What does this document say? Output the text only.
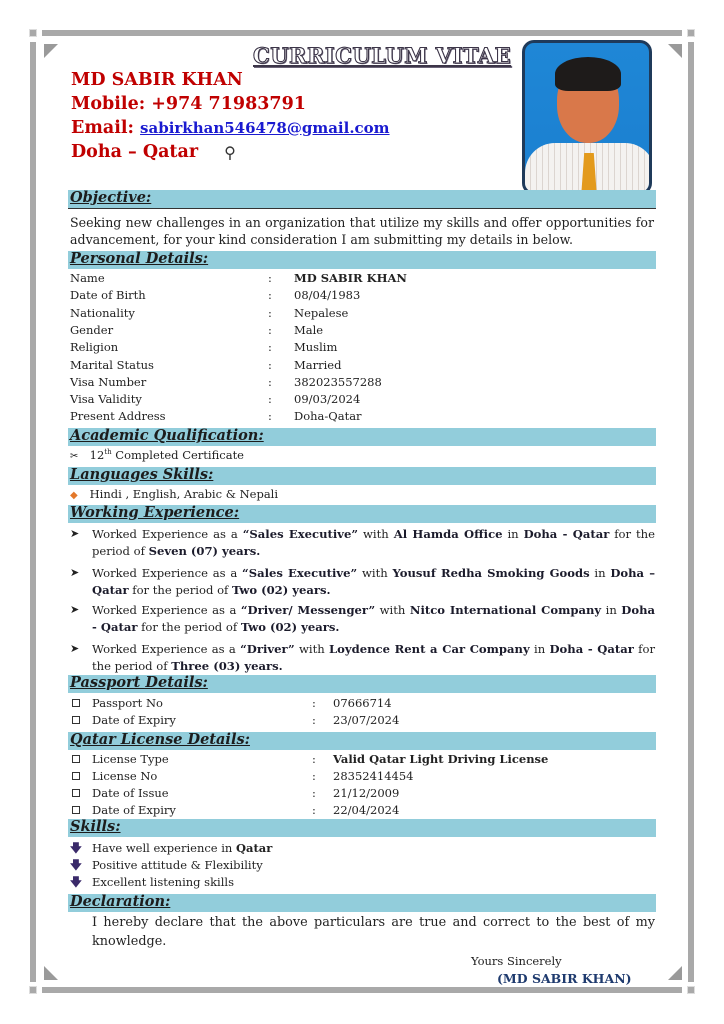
CURRICULUM VITAE
MD SABIR KHAN
Mobile: +974 71983791
Email: sabirkhan546478@gmail.com
Doha – Qatar ⚲
Objective:
Seeking new challenges in an organization that utilize my skills and offer opportunities for advancement, for your kind consideration I am submitting my details in below.
Personal Details:
Name	: MD SABIR KHAN
Date of Birth	: 08/04/1983
Nationality	: Nepalese
Gender	: Male
Religion	: Muslim
Marital Status	: Married
Visa Number	: 382023557288
Visa Validity	: 09/03/2024
Present Address	: Doha-Qatar
Academic Qualification:
✂ 12th Completed Certificate
Languages Skills:
◆ Hindi , English, Arabic & Nepali
Working Experience:
➤ Worked Experience as a “Sales Executive” with Al Hamda Office in Doha - Qatar for the period of Seven (07) years.
➤ Worked Experience as a “Sales Executive” with Yousuf Redha Smoking Goods in Doha – Qatar for the period of Two (02) years.
➤ Worked Experience as a “Driver/ Messenger” with Nitco International Company in Doha - Qatar for the period of Two (02) years.
➤ Worked Experience as a “Driver” with Loydence Rent a Car Company in Doha - Qatar for the period of Three (03) years.
Passport Details:
Passport No	: 07666714
Date of Expiry	: 23/07/2024
Qatar License Details:
License Type	: Valid Qatar Light Driving License
License No	: 28352414454
Date of Issue	: 21/12/2009
Date of Expiry	: 22/04/2024
Skills:
🡇 Have well experience in Qatar
🡇 Positive attitude & Flexibility
🡇 Excellent listening skills
Declaration:
I hereby declare that the above particulars are true and correct to the best of my knowledge.
Yours Sincerely
(MD SABIR KHAN)
